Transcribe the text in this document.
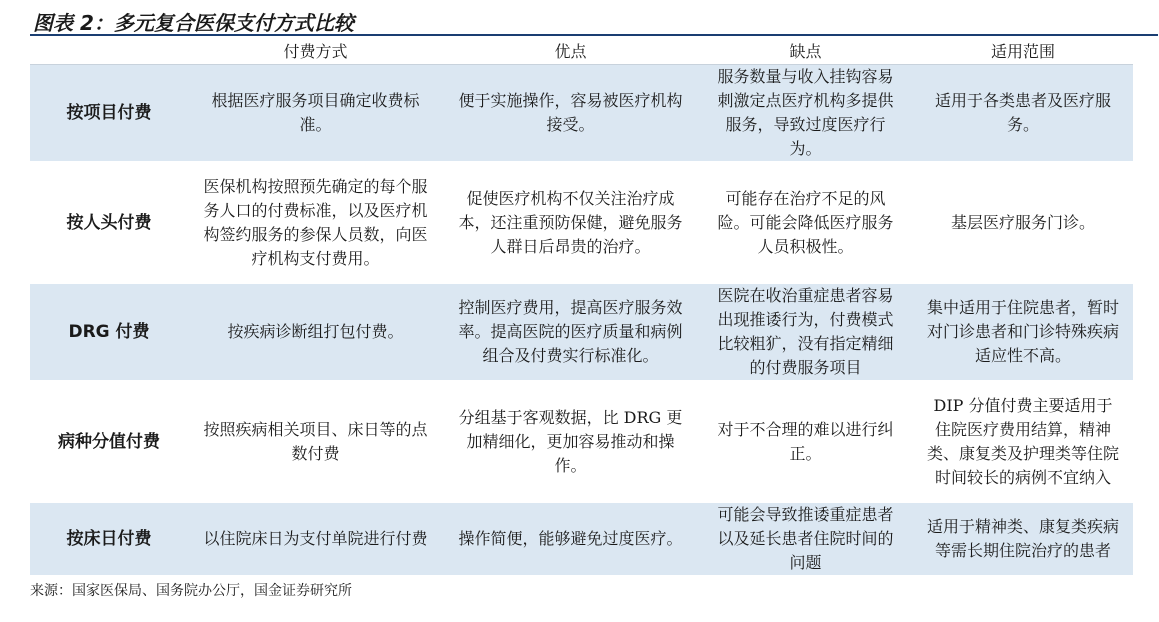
图表 2：多元复合医保支付方式比较
	付费方式	优点	缺点	适用范围
按项目付费	根据医疗服务项目确定收费标准。	便于实施操作，容易被医疗机构接受。	服务数量与收入挂钩容易刺激定点医疗机构多提供服务，导致过度医疗行为。	适用于各类患者及医疗服务。
按人头付费	医保机构按照预先确定的每个服务人口的付费标准，以及医疗机构签约服务的参保人员数，向医疗机构支付费用。	促使医疗机构不仅关注治疗成本，还注重预防保健，避免服务人群日后昂贵的治疗。	可能存在治疗不足的风险。可能会降低医疗服务人员积极性。	基层医疗服务门诊。
DRG 付费	按疾病诊断组打包付费。	控制医疗费用，提高医疗服务效率。提高医院的医疗质量和病例组合及付费实行标准化。	医院在收治重症患者容易出现推诿行为，付费模式比较粗犷，没有指定精细的付费服务项目	集中适用于住院患者，暂时对门诊患者和门诊特殊疾病适应性不高。
病种分值付费	按照疾病相关项目、床日等的点数付费	分组基于客观数据，比 DRG 更加精细化，更加容易推动和操作。	对于不合理的难以进行纠正。	DIP 分值付费主要适用于住院医疗费用结算，精神类、康复类及护理类等住院时间较长的病例不宜纳入
按床日付费	以住院床日为支付单院进行付费	操作简便，能够避免过度医疗。	可能会导致推诿重症患者以及延长患者住院时间的问题	适用于精神类、康复类疾病等需长期住院治疗的患者
来源：国家医保局、国务院办公厅，国金证券研究所
